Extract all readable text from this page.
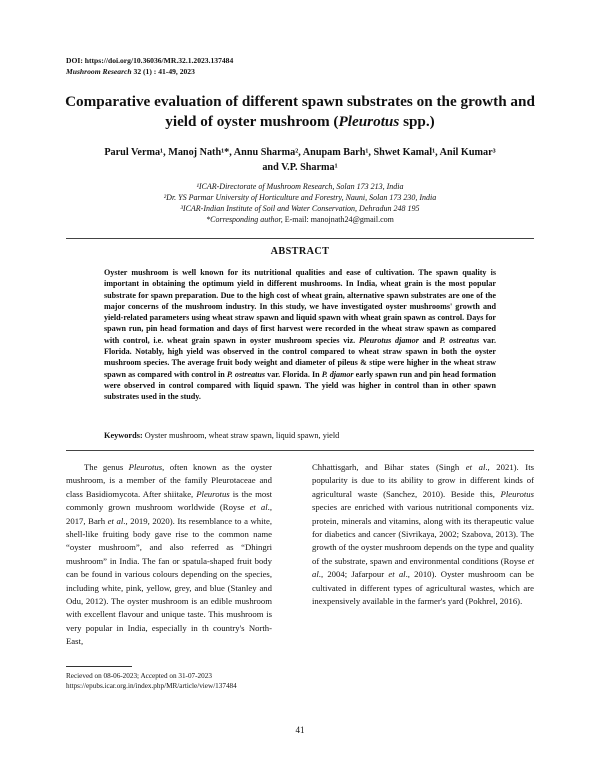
DOI: https://doi.org/10.36036/MR.32.1.2023.137484
Mushroom Research 32 (1) : 41-49, 2023
Comparative evaluation of different spawn substrates on the growth and
yield of oyster mushroom (Pleurotus spp.)
Parul Verma¹, Manoj Nath¹*, Annu Sharma², Anupam Barh¹, Shwet Kamal¹, Anil Kumar³
and V.P. Sharma¹
¹ICAR-Directorate of Mushroom Research, Solan 173 213, India
²Dr. YS Parmar University of Horticulture and Forestry, Nauni, Solan 173 230, India
³ICAR-Indian Institute of Soil and Water Conservation, Dehradun 248 195
*Corresponding author, E-mail: manojnath24@gmail.com
ABSTRACT

Oyster mushroom is well known for its nutritional qualities and ease of cultivation. The spawn quality is important in obtaining the optimum yield in different mushrooms. In India, wheat grain is the most popular substrate for spawn preparation. Due to the high cost of wheat grain, alternative spawn substrates are one of the major concerns of the mushroom industry. In this study, we have investigated oyster mushrooms' growth and yield-related parameters using wheat straw spawn and liquid spawn with wheat grain spawn as control. Days for spawn run, pin head formation and days of first harvest were recorded in the wheat straw spawn as compared with control, i.e. wheat grain spawn in oyster mushroom species viz. Pleurotus djamor and P. ostreatus var. Florida. Notably, high yield was observed in the control compared to wheat straw spawn in both the oyster mushroom species. The average fruit body weight and diameter of pileus & stipe were higher in the wheat straw spawn as compared with control in P. ostreatus var. Florida. In P. djamor early spawn run and pin head formation were observed in control compared with liquid spawn. The yield was higher in control than in other spawn substrates used in the study.

Keywords: Oyster mushroom, wheat straw spawn, liquid spawn, yield

The genus Pleurotus, often known as the oyster mushroom, is a member of the family Pleurotaceae and class Basidiomycota. After shiitake, Pleurotus is the most commonly grown mushroom worldwide (Royse et al., 2017, Barh et al., 2019, 2020). Its resemblance to a white, shell-like fruiting body gave rise to the common name “oyster mushroom”, and also referred as “Dhingri mushroom” in India. The fan or spatula-shaped fruit body can be found in various colours depending on the species, including white, pink, yellow, grey, and blue (Stanley and Odu, 2012). The oyster mushroom is an edible mushroom with excellent flavour and unique taste. This mushroom is very popular in India, especially in th country's North-East,

Chhattisgarh, and Bihar states (Singh et al., 2021). Its popularity is due to its ability to grow in different kinds of agricultural waste (Sanchez, 2010). Beside this, Pleurotus species are enriched with various nutritional components viz. protein, minerals and vitamins, along with its therapeutic value for diabetics and cancer (Sivrikaya, 2002; Szabova, 2013). The growth of the oyster mushroom depends on the type and quality of the substrate, spawn and environmental conditions (Royse et al., 2004; Jafarpour et al., 2010). Oyster mushroom can be cultivated in different types of agricultural wastes, which are inexpensively available in the farmer's yard (Pokhrel, 2016).

Recieved on 08-06-2023; Accepted on 31-07-2023
https://epubs.icar.org.in/index.php/MR/article/view/137484
41
